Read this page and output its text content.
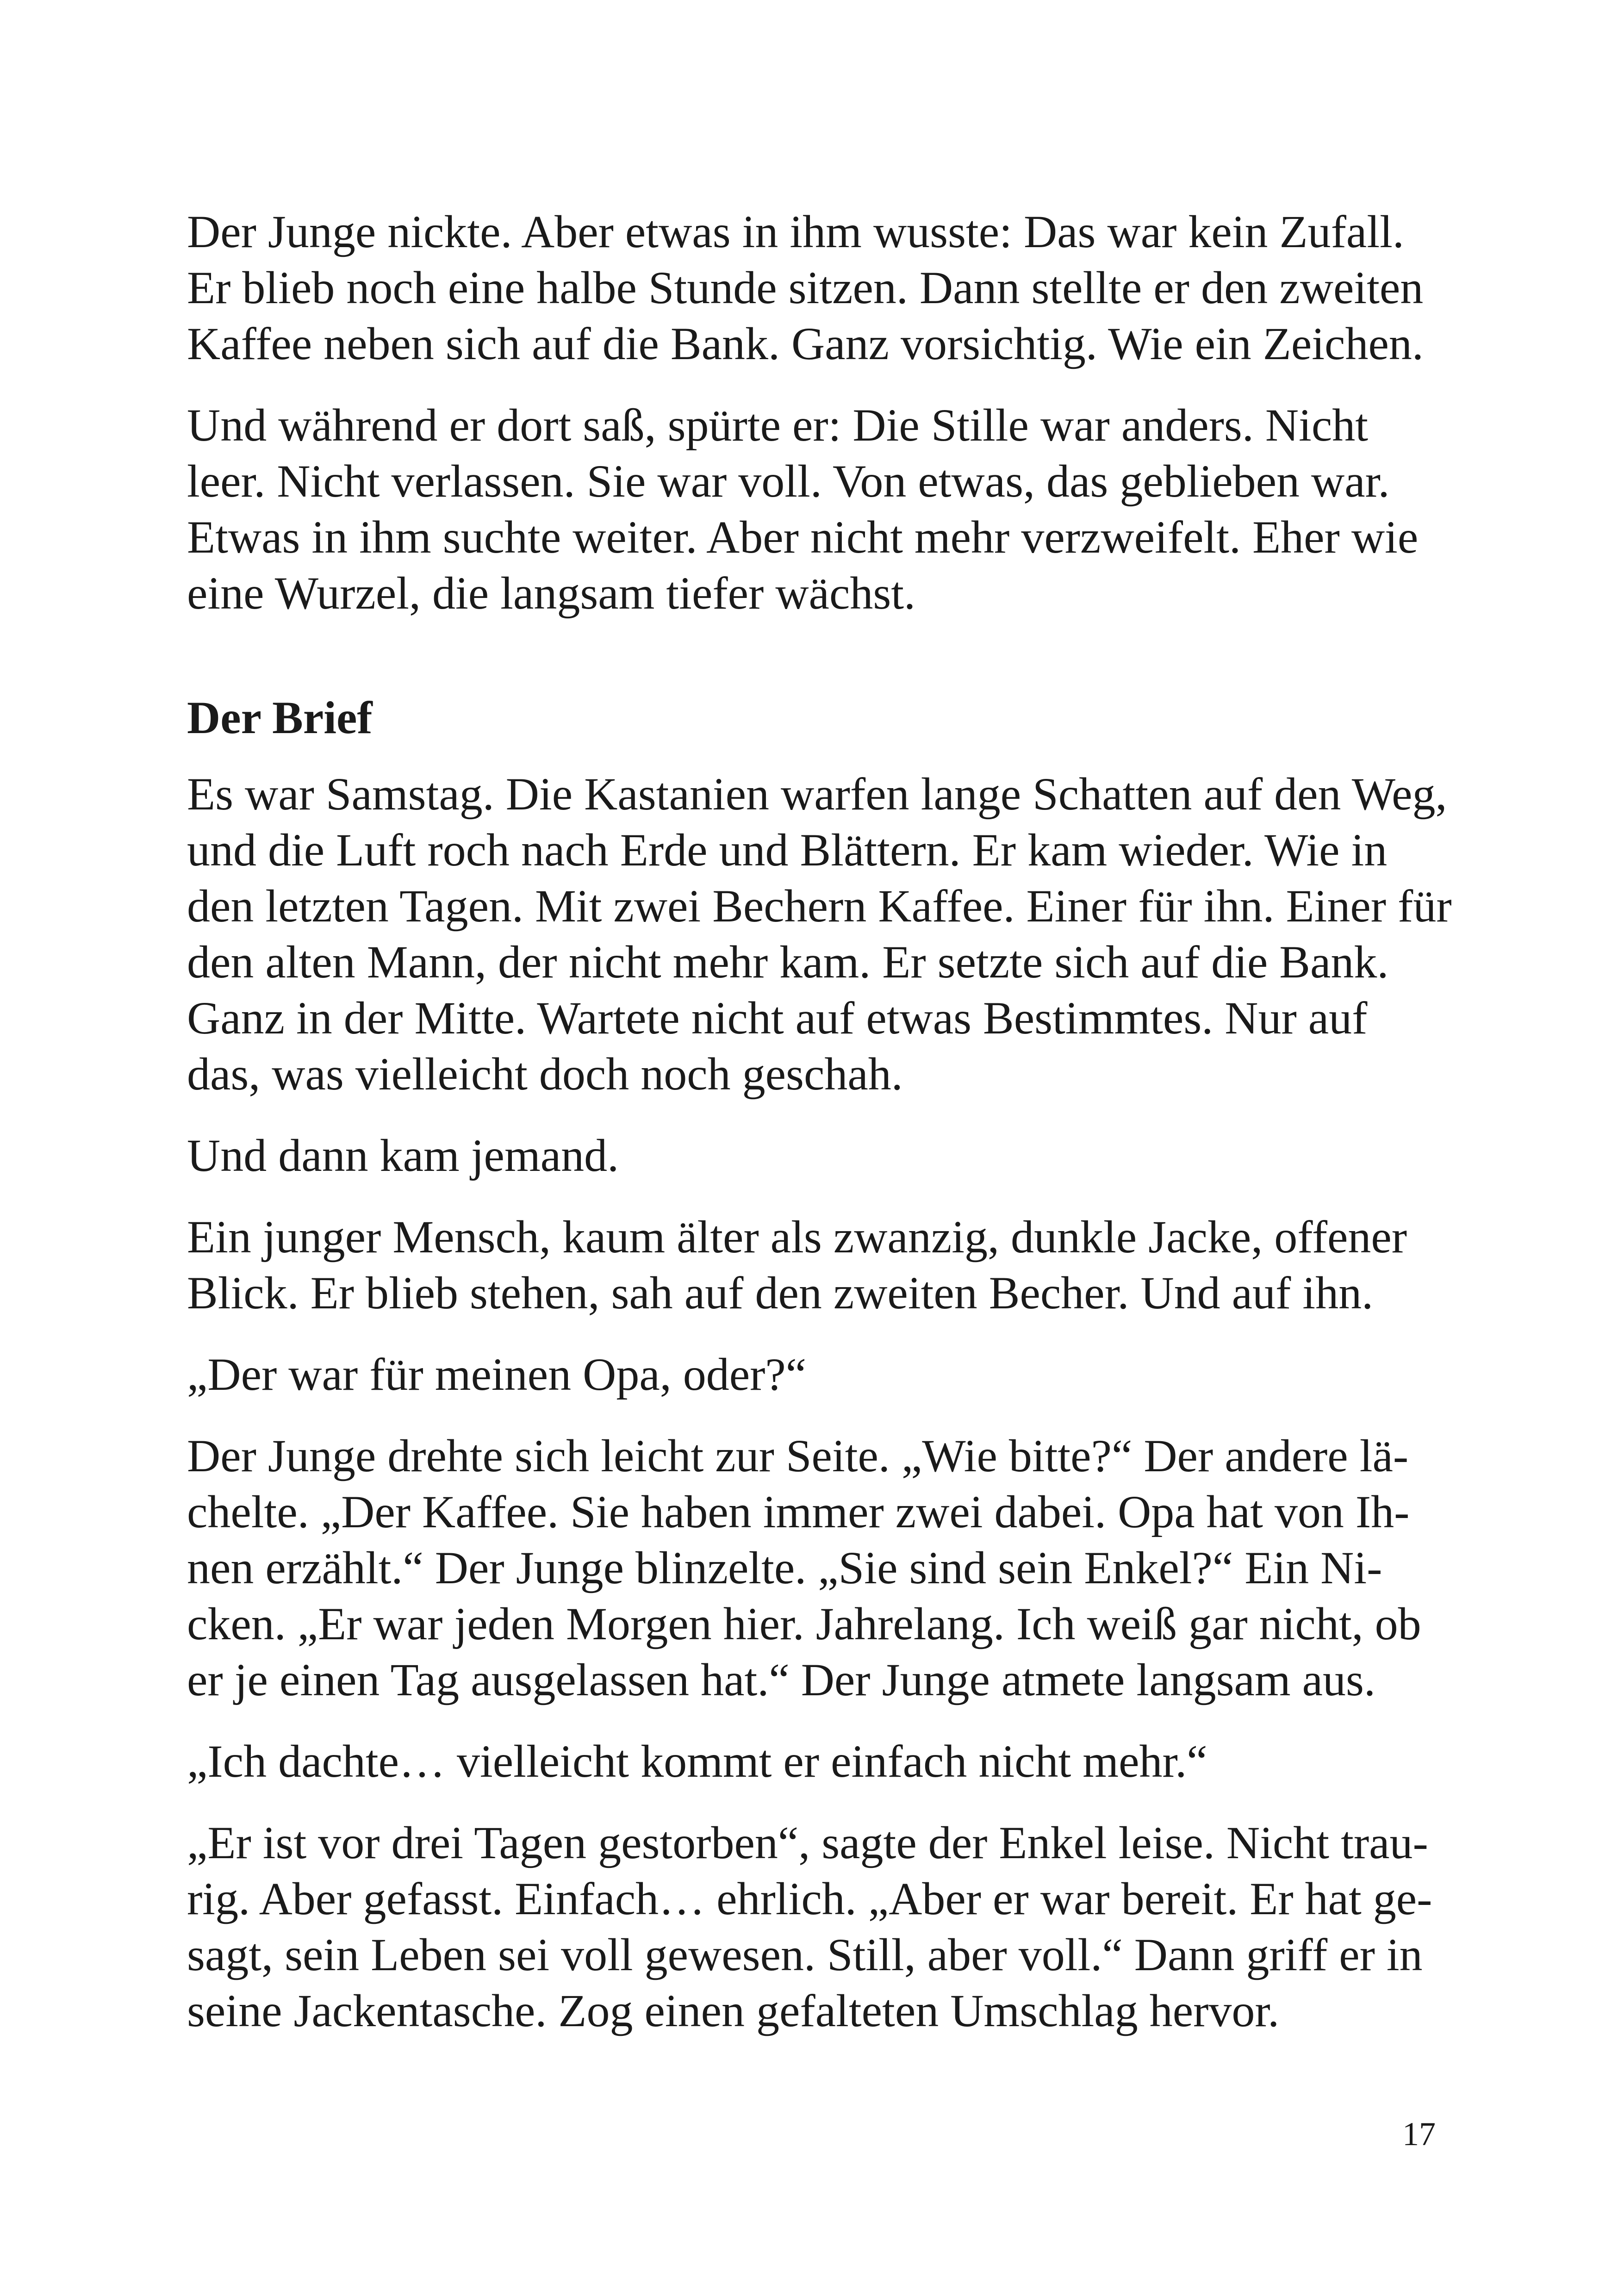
Der Junge nickte. Aber etwas in ihm wusste: Das war kein Zufall.
Er blieb noch eine halbe Stunde sitzen. Dann stellte er den zweiten
Kaffee neben sich auf die Bank. Ganz vorsichtig. Wie ein Zeichen.

Und während er dort saß, spürte er: Die Stille war anders. Nicht
leer. Nicht verlassen. Sie war voll. Von etwas, das geblieben war.
Etwas in ihm suchte weiter. Aber nicht mehr verzweifelt. Eher wie
eine Wurzel, die langsam tiefer wächst.

Der Brief

Es war Samstag. Die Kastanien warfen lange Schatten auf den Weg,
und die Luft roch nach Erde und Blättern. Er kam wieder. Wie in
den letzten Tagen. Mit zwei Bechern Kaffee. Einer für ihn. Einer für
den alten Mann, der nicht mehr kam. Er setzte sich auf die Bank.
Ganz in der Mitte. Wartete nicht auf etwas Bestimmtes. Nur auf
das, was vielleicht doch noch geschah.

Und dann kam jemand.

Ein junger Mensch, kaum älter als zwanzig, dunkle Jacke, offener
Blick. Er blieb stehen, sah auf den zweiten Becher. Und auf ihn.

„Der war für meinen Opa, oder?“

Der Junge drehte sich leicht zur Seite. „Wie bitte?“ Der andere lä-
chelte. „Der Kaffee. Sie haben immer zwei dabei. Opa hat von Ih-
nen erzählt.“ Der Junge blinzelte. „Sie sind sein Enkel?“ Ein Ni-
cken. „Er war jeden Morgen hier. Jahrelang. Ich weiß gar nicht, ob
er je einen Tag ausgelassen hat.“ Der Junge atmete langsam aus.

„Ich dachte… vielleicht kommt er einfach nicht mehr.“

„Er ist vor drei Tagen gestorben“, sagte der Enkel leise. Nicht trau-
rig. Aber gefasst. Einfach… ehrlich. „Aber er war bereit. Er hat ge-
sagt, sein Leben sei voll gewesen. Still, aber voll.“ Dann griff er in
seine Jackentasche. Zog einen gefalteten Umschlag hervor.

17
